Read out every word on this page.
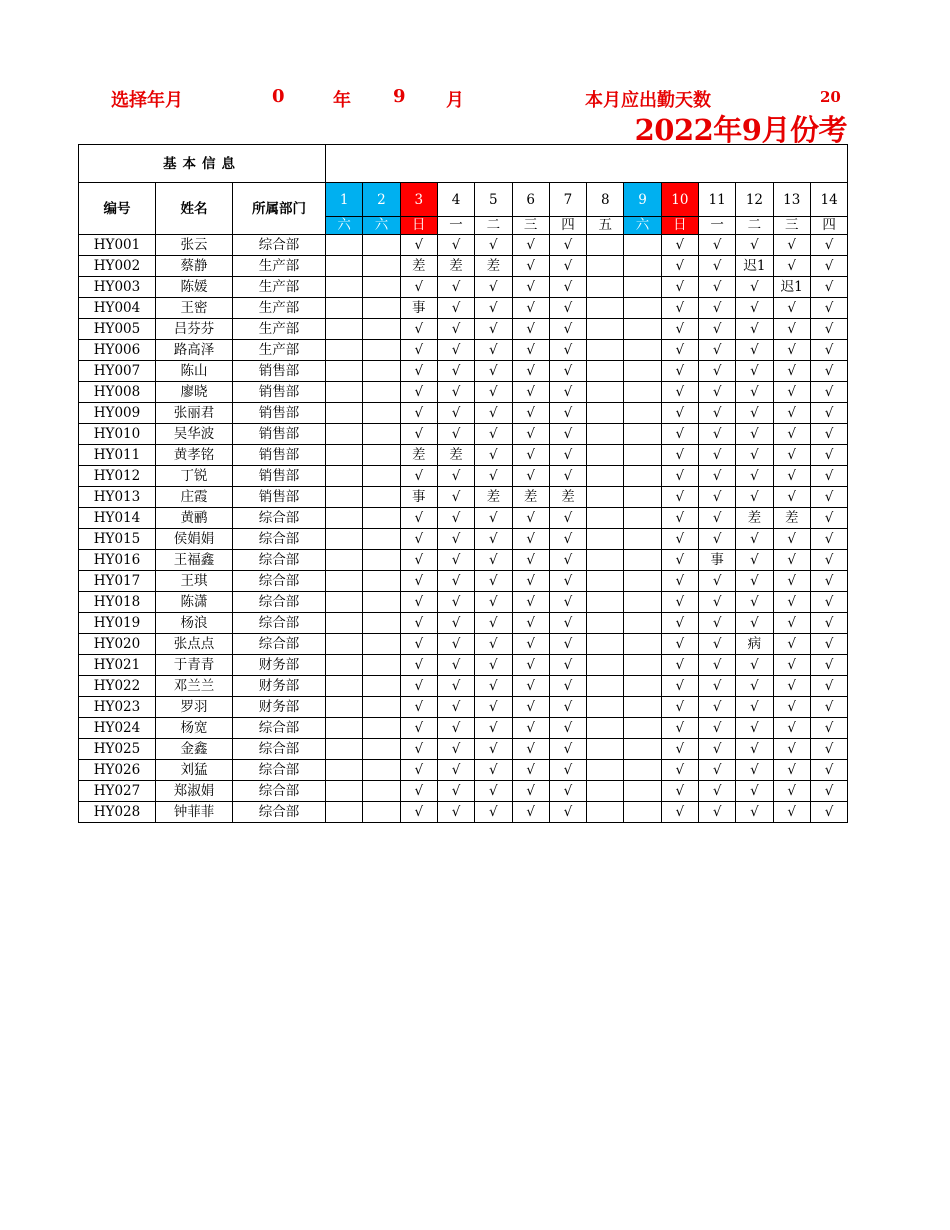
选择年月	0	年 9 月	本月应出勤天数	20
2022年9月份考
基本信息																
编号	姓名	所属部门	1	2	3	4	5	6	7	8	9	10	11	12	13	14
			六	六	日	一	二	三	四	五	六	日	一	二	三	四
HY001	张云	综合部			√	√	√	√	√			√	√	√	√	√
HY002	蔡静	生产部			差	差	差	√	√			√	√	迟1	√	√
HY003	陈媛	生产部			√	√	√	√	√			√	√	√	迟1	√
HY004	王密	生产部			事	√	√	√	√			√	√	√	√	√
HY005	吕芬芬	生产部			√	√	√	√	√			√	√	√	√	√
HY006	路高泽	生产部			√	√	√	√	√			√	√	√	√	√
HY007	陈山	销售部			√	√	√	√	√			√	√	√	√	√
HY008	廖晓	销售部			√	√	√	√	√			√	√	√	√	√
HY009	张丽君	销售部			√	√	√	√	√			√	√	√	√	√
HY010	吴华波	销售部			√	√	√	√	√			√	√	√	√	√
HY011	黄孝铭	销售部			差	差	√	√	√			√	√	√	√	√
HY012	丁锐	销售部			√	√	√	√	√			√	√	√	√	√
HY013	庄霞	销售部			事	√	差	差	差			√	√	√	√	√
HY014	黄鹂	综合部			√	√	√	√	√			√	√	差	差	√
HY015	侯娟娟	综合部			√	√	√	√	√			√	√	√	√	√
HY016	王福鑫	综合部			√	√	√	√	√			√	事	√	√	√
HY017	王琪	综合部			√	√	√	√	√			√	√	√	√	√
HY018	陈潇	综合部			√	√	√	√	√			√	√	√	√	√
HY019	杨浪	综合部			√	√	√	√	√			√	√	√	√	√
HY020	张点点	综合部			√	√	√	√	√			√	√	病	√	√
HY021	于青青	财务部			√	√	√	√	√			√	√	√	√	√
HY022	邓兰兰	财务部			√	√	√	√	√			√	√	√	√	√
HY023	罗羽	财务部			√	√	√	√	√			√	√	√	√	√
HY024	杨宽	综合部			√	√	√	√	√			√	√	√	√	√
HY025	金鑫	综合部			√	√	√	√	√			√	√	√	√	√
HY026	刘猛	综合部			√	√	√	√	√			√	√	√	√	√
HY027	郑淑娟	综合部			√	√	√	√	√			√	√	√	√	√
HY028	钟菲菲	综合部			√	√	√	√	√			√	√	√	√	√
